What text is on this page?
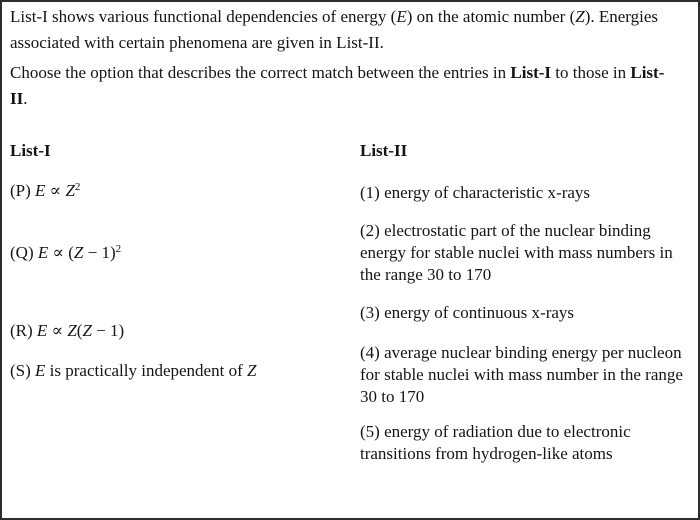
List-I shows various functional dependencies of energy (E) on the atomic number (Z). Energies
associated with certain phenomena are given in List-II.
Choose the option that describes the correct match between the entries in List-I to those in List-
II.
List-I
(P) $E \propto Z^2$
(Q) $E \propto (Z - 1)^2$
(R) E ∝ Z(Z − 1)
(S) E is practically independent of Z
List-II
(1) energy of characteristic x-rays
(2) electrostatic part of the nuclear binding
energy for stable nuclei with mass numbers in
the range 30 to 170
(3) energy of continuous x-rays
(4) average nuclear binding energy per nucleon
for stable nuclei with mass number in the range
30 to 170
(5) energy of radiation due to electronic
transitions from hydrogen-like atoms
